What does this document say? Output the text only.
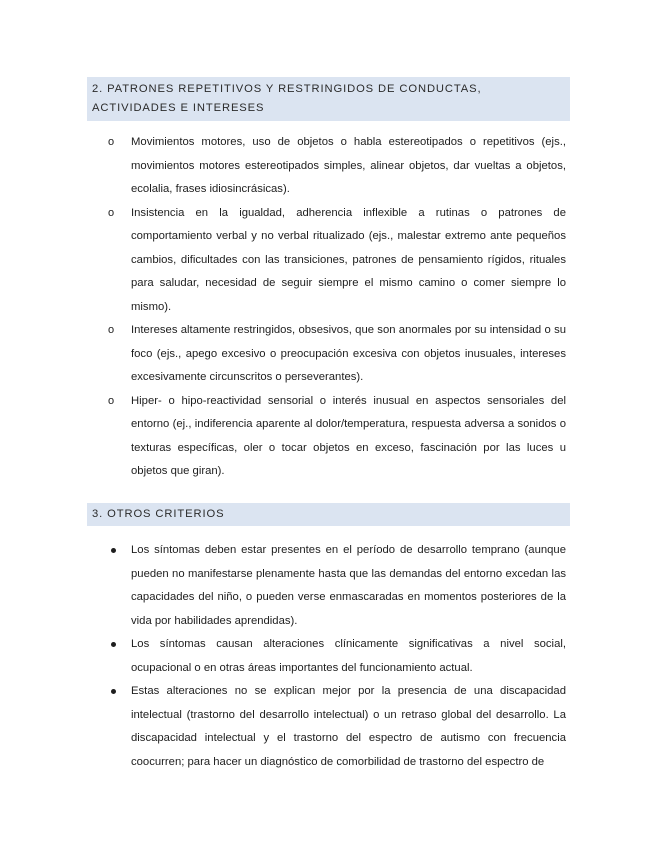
2. PATRONES REPETITIVOS Y RESTRINGIDOS DE CONDUCTAS, ACTIVIDADES E INTERESES
o Movimientos motores, uso de objetos o habla estereotipados o repetitivos (ejs., movimientos motores estereotipados simples, alinear objetos, dar vueltas a objetos, ecolalia, frases idiosincrásicas).
o Insistencia en la igualdad, adherencia inflexible a rutinas o patrones de comportamiento verbal y no verbal ritualizado (ejs., malestar extremo ante pequeños cambios, dificultades con las transiciones, patrones de pensamiento rígidos, rituales para saludar, necesidad de seguir siempre el mismo camino o comer siempre lo mismo).
o Intereses altamente restringidos, obsesivos, que son anormales por su intensidad o su foco (ejs., apego excesivo o preocupación excesiva con objetos inusuales, intereses excesivamente circunscritos o perseverantes).
o Hiper- o hipo-reactividad sensorial o interés inusual en aspectos sensoriales del entorno (ej., indiferencia aparente al dolor/temperatura, respuesta adversa a sonidos o texturas específicas, oler o tocar objetos en exceso, fascinación por las luces u objetos que giran).
3. OTROS CRITERIOS
Los síntomas deben estar presentes en el período de desarrollo temprano (aunque pueden no manifestarse plenamente hasta que las demandas del entorno excedan las capacidades del niño, o pueden verse enmascaradas en momentos posteriores de la vida por habilidades aprendidas).
Los síntomas causan alteraciones clínicamente significativas a nivel social, ocupacional o en otras áreas importantes del funcionamiento actual.
Estas alteraciones no se explican mejor por la presencia de una discapacidad intelectual (trastorno del desarrollo intelectual) o un retraso global del desarrollo. La discapacidad intelectual y el trastorno del espectro de autismo con frecuencia coocurren; para hacer un diagnóstico de comorbilidad de trastorno del espectro de
